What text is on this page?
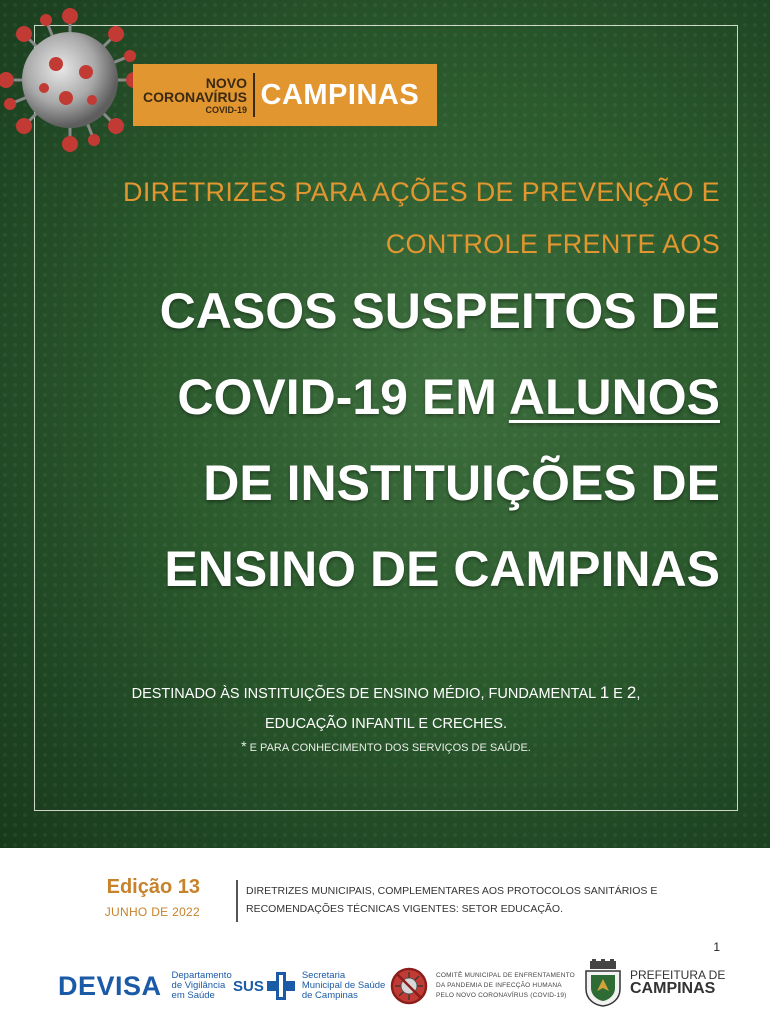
NOVO
CORONAVÍRUS
COVID-19 CAMPINAS
DIRETRIZES PARA AÇÕES DE PREVENÇÃO E
CONTROLE FRENTE AOS
CASOS SUSPEITOS DE
COVID-19 EM ALUNOS
DE INSTITUIÇÕES DE
ENSINO DE CAMPINAS
DESTINADO ÀS INSTITUIÇÕES DE ENSINO MÉDIO, FUNDAMENTAL 1 E 2,
EDUCAÇÃO INFANTIL E CRECHES.
* E PARA CONHECIMENTO DOS SERVIÇOS DE SAÚDE.
Edição 13
JUNHO DE 2022
DIRETRIZES MUNICIPAIS, COMPLEMENTARES AOS PROTOCOLOS SANITÁRIOS E
RECOMENDAÇÕES TÉCNICAS VIGENTES: SETOR EDUCAÇÃO.
1
DEVISA Departamento
de Vigilância
em Saúde
SUS
Secretaria
Municipal de Saúde
de Campinas
COMITÊ MUNICIPAL DE ENFRENTAMENTO
DA PANDEMIA DE INFECÇÃO HUMANA
PELO NOVO CORONAVÍRUS (COVID-19)
PREFEITURA DE
CAMPINAS
